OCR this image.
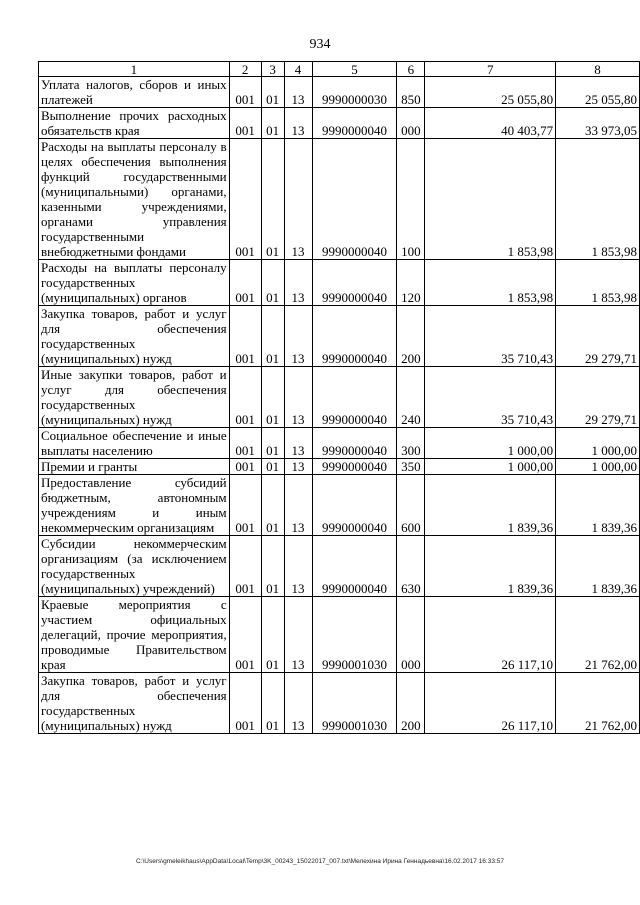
934
1	2	3	4	5	6	7	8

Уплата налогов, сборов и иных платежей	001	01	13	9990000030	850	25 055,80	25 055,80

Выполнение прочих расходных обязательств края	001	01	13	9990000040	000	40 403,77	33 973,05

Расходы на выплаты персоналу в целях обеспечения выполнения функций государственными (муниципальными) органами, казенными учреждениями, органами управления государственными внебюджетными фондами	001	01	13	9990000040	100	1 853,98	1 853,98

Расходы на выплаты персоналу государственных (муниципальных) органов	001	01	13	9990000040	120	1 853,98	1 853,98

Закупка товаров, работ и услуг для обеспечения государственных (муниципальных) нужд	001	01	13	9990000040	200	35 710,43	29 279,71

Иные закупки товаров, работ и услуг для обеспечения государственных (муниципальных) нужд	001	01	13	9990000040	240	35 710,43	29 279,71

Социальное обеспечение и иные выплаты населению	001	01	13	9990000040	300	1 000,00	1 000,00

Премии и гранты	001	01	13	9990000040	350	1 000,00	1 000,00

Предоставление субсидий бюджетным, автономным учреждениям и иным некоммерческим организациям	001	01	13	9990000040	600	1 839,36	1 839,36

Субсидии некоммерческим организациям (за исключением государственных (муниципальных) учреждений)	001	01	13	9990000040	630	1 839,36	1 839,36

Краевые мероприятия с участием официальных делегаций, прочие мероприятия, проводимые Правительством края	001	01	13	9990001030	000	26 117,10	21 762,00

Закупка товаров, работ и услуг для обеспечения государственных (муниципальных) нужд	001	01	13	9990001030	200	26 117,10	21 762,00
C:\Users\gmeleikhaus\AppData\Local\Temp\3K_00243_15022017_007.txt\Мелехина Ирина Геннадьевна\16.02.2017 16:33:57
